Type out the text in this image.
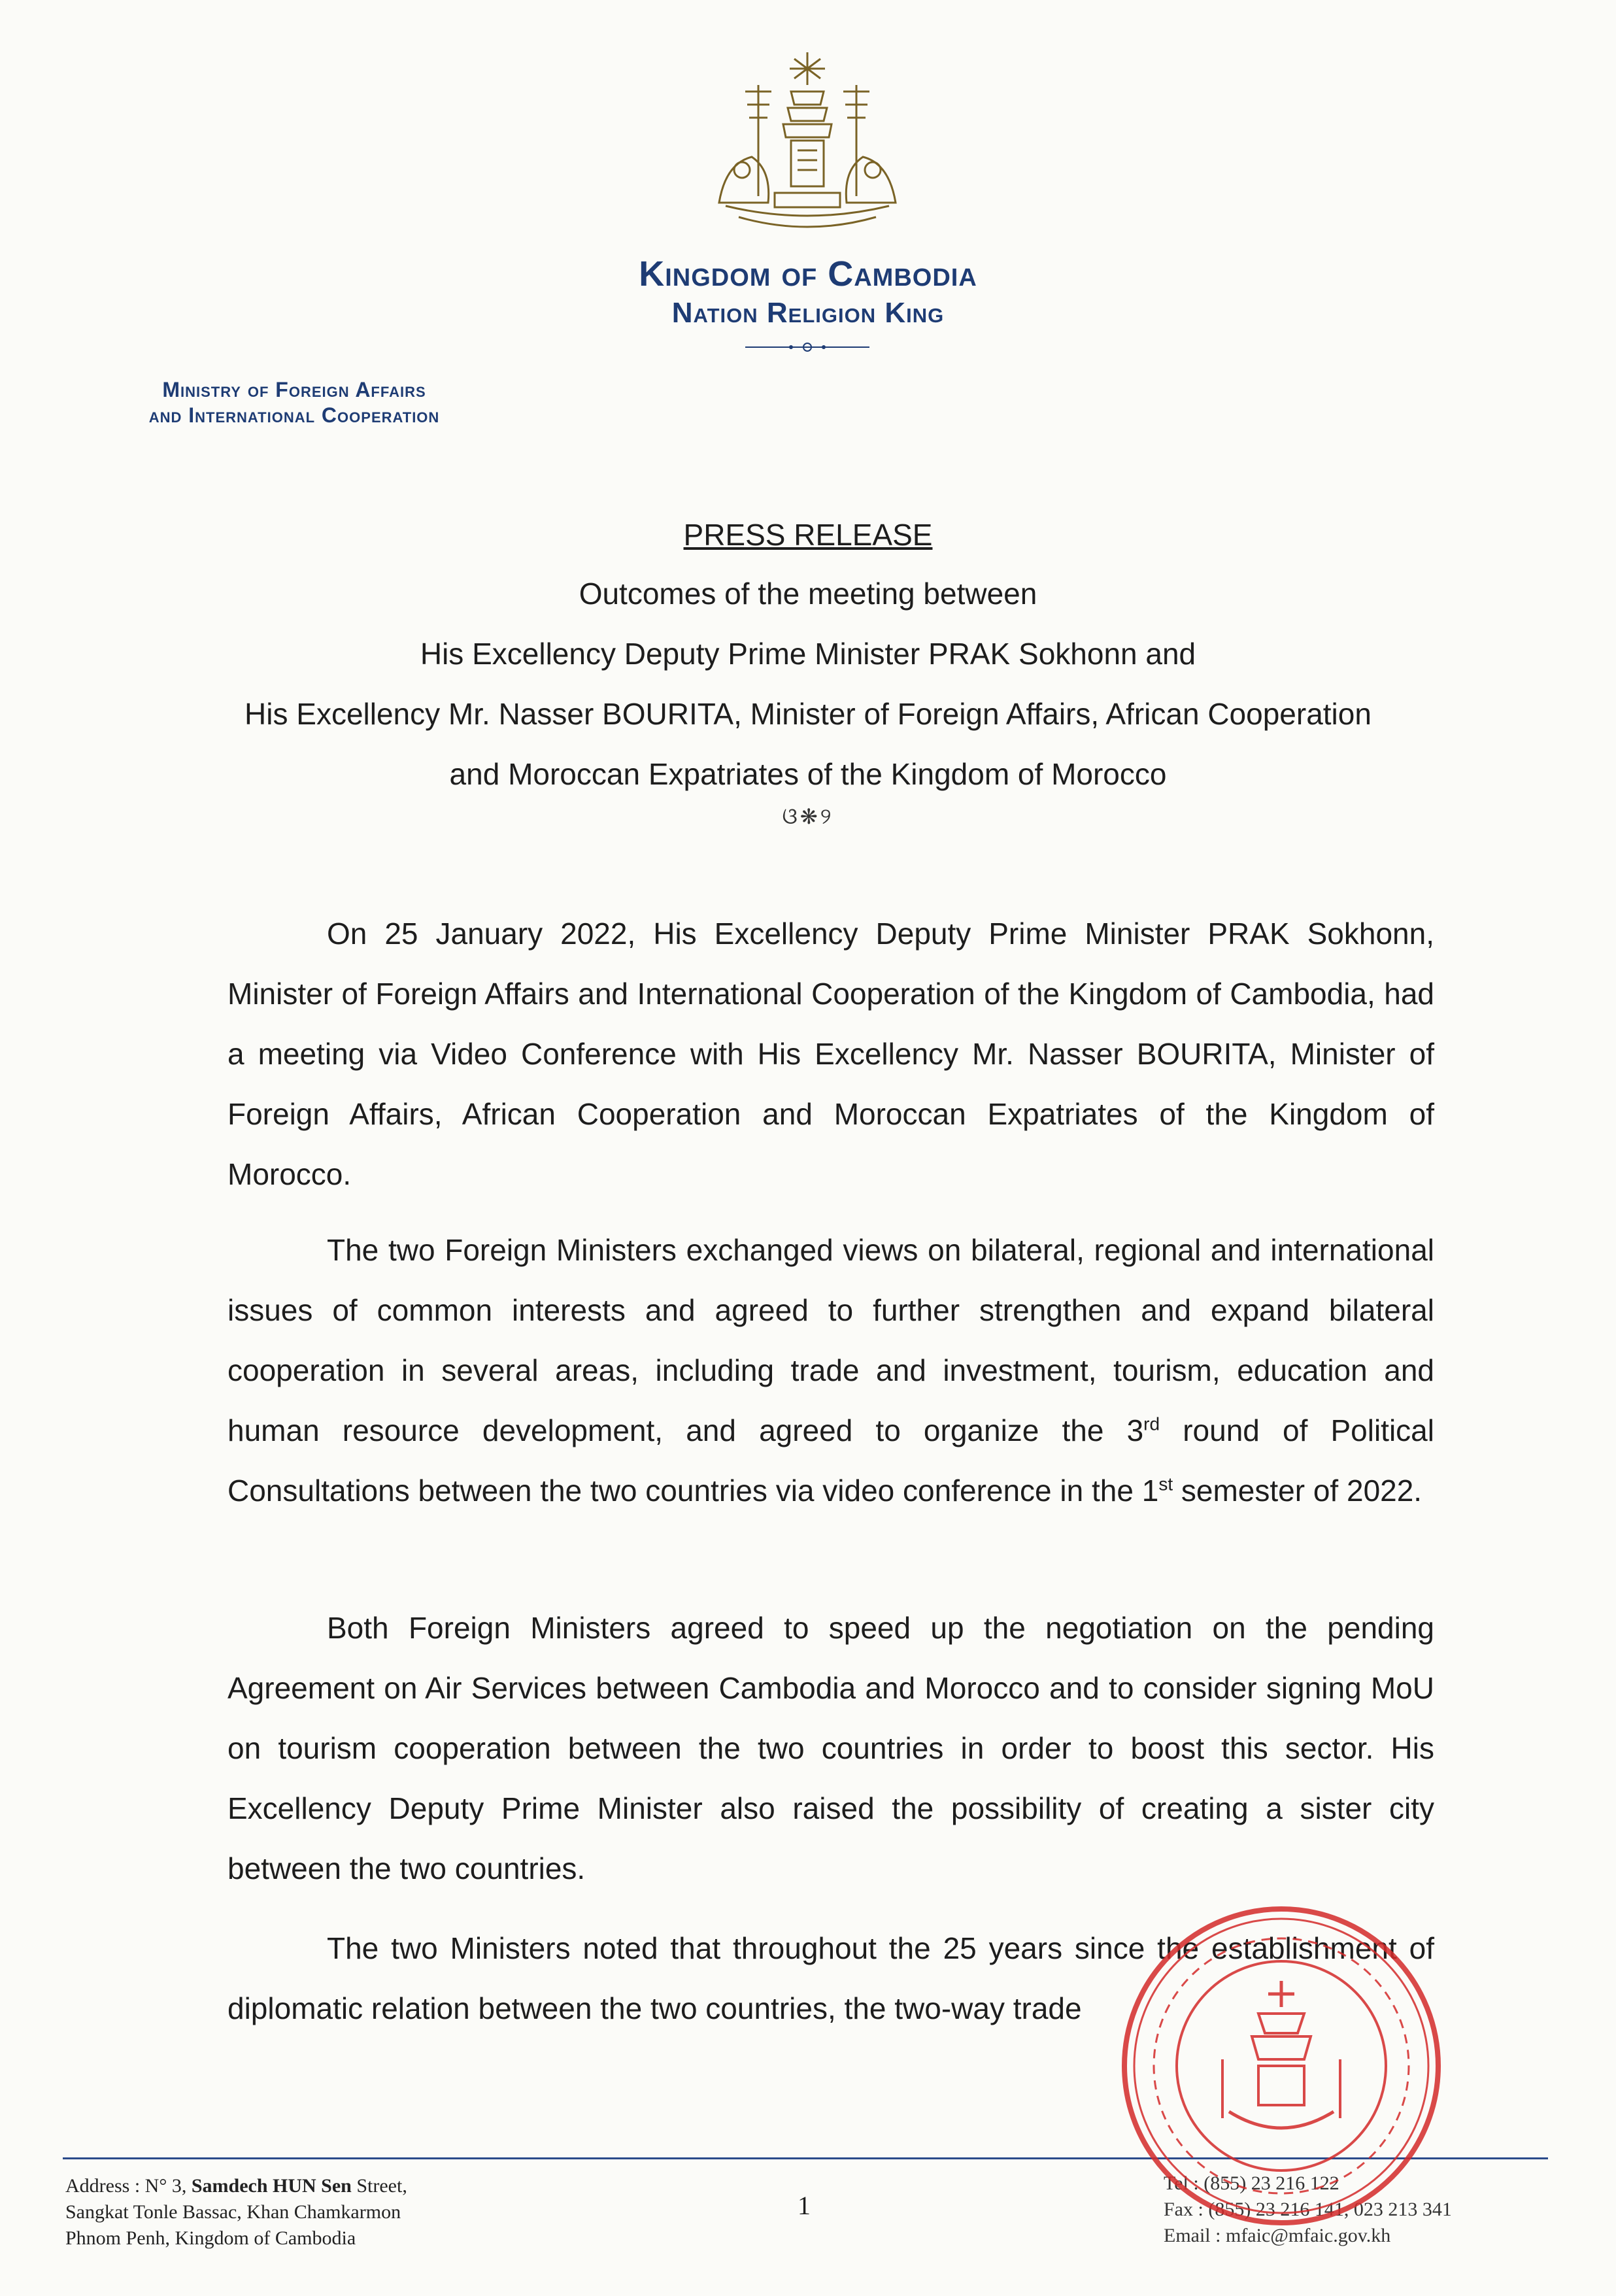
Kingdom of Cambodia
Nation Religion King
Ministry of Foreign Affairs
and International Cooperation
PRESS RELEASE
Outcomes of the meeting between
His Excellency Deputy Prime Minister PRAK Sokhonn and
His Excellency Mr. Nasser BOURITA, Minister of Foreign Affairs, African Cooperation
and Moroccan Expatriates of the Kingdom of Morocco
ଓ❋୨

On 25 January 2022, His Excellency Deputy Prime Minister PRAK Sokhonn, Minister of Foreign Affairs and International Cooperation of the Kingdom of Cambodia, had a meeting via Video Conference with His Excellency Mr. Nasser BOURITA, Minister of Foreign Affairs, African Cooperation and Moroccan Expatriates of the Kingdom of Morocco.

The two Foreign Ministers exchanged views on bilateral, regional and international issues of common interests and agreed to further strengthen and expand bilateral cooperation in several areas, including trade and investment, tourism, education and human resource development, and agreed to organize the 3rd round of Political Consultations between the two countries via video conference in the 1st semester of 2022.

Both Foreign Ministers agreed to speed up the negotiation on the pending Agreement on Air Services between Cambodia and Morocco and to consider signing MoU on tourism cooperation between the two countries in order to boost this sector. His Excellency Deputy Prime Minister also raised the possibility of creating a sister city between the two countries.

The two Ministers noted that throughout the 25 years since the establishment of diplomatic relation between the two countries, the two-way trade

Address : N° 3, Samdech HUN Sen Street,
Sangkat Tonle Bassac, Khan Chamkarmon
Phnom Penh, Kingdom of Cambodia
1
Tel : (855) 23 216 122
Fax : (855) 23 216 141, 023 213 341
Email : mfaic@mfaic.gov.kh
